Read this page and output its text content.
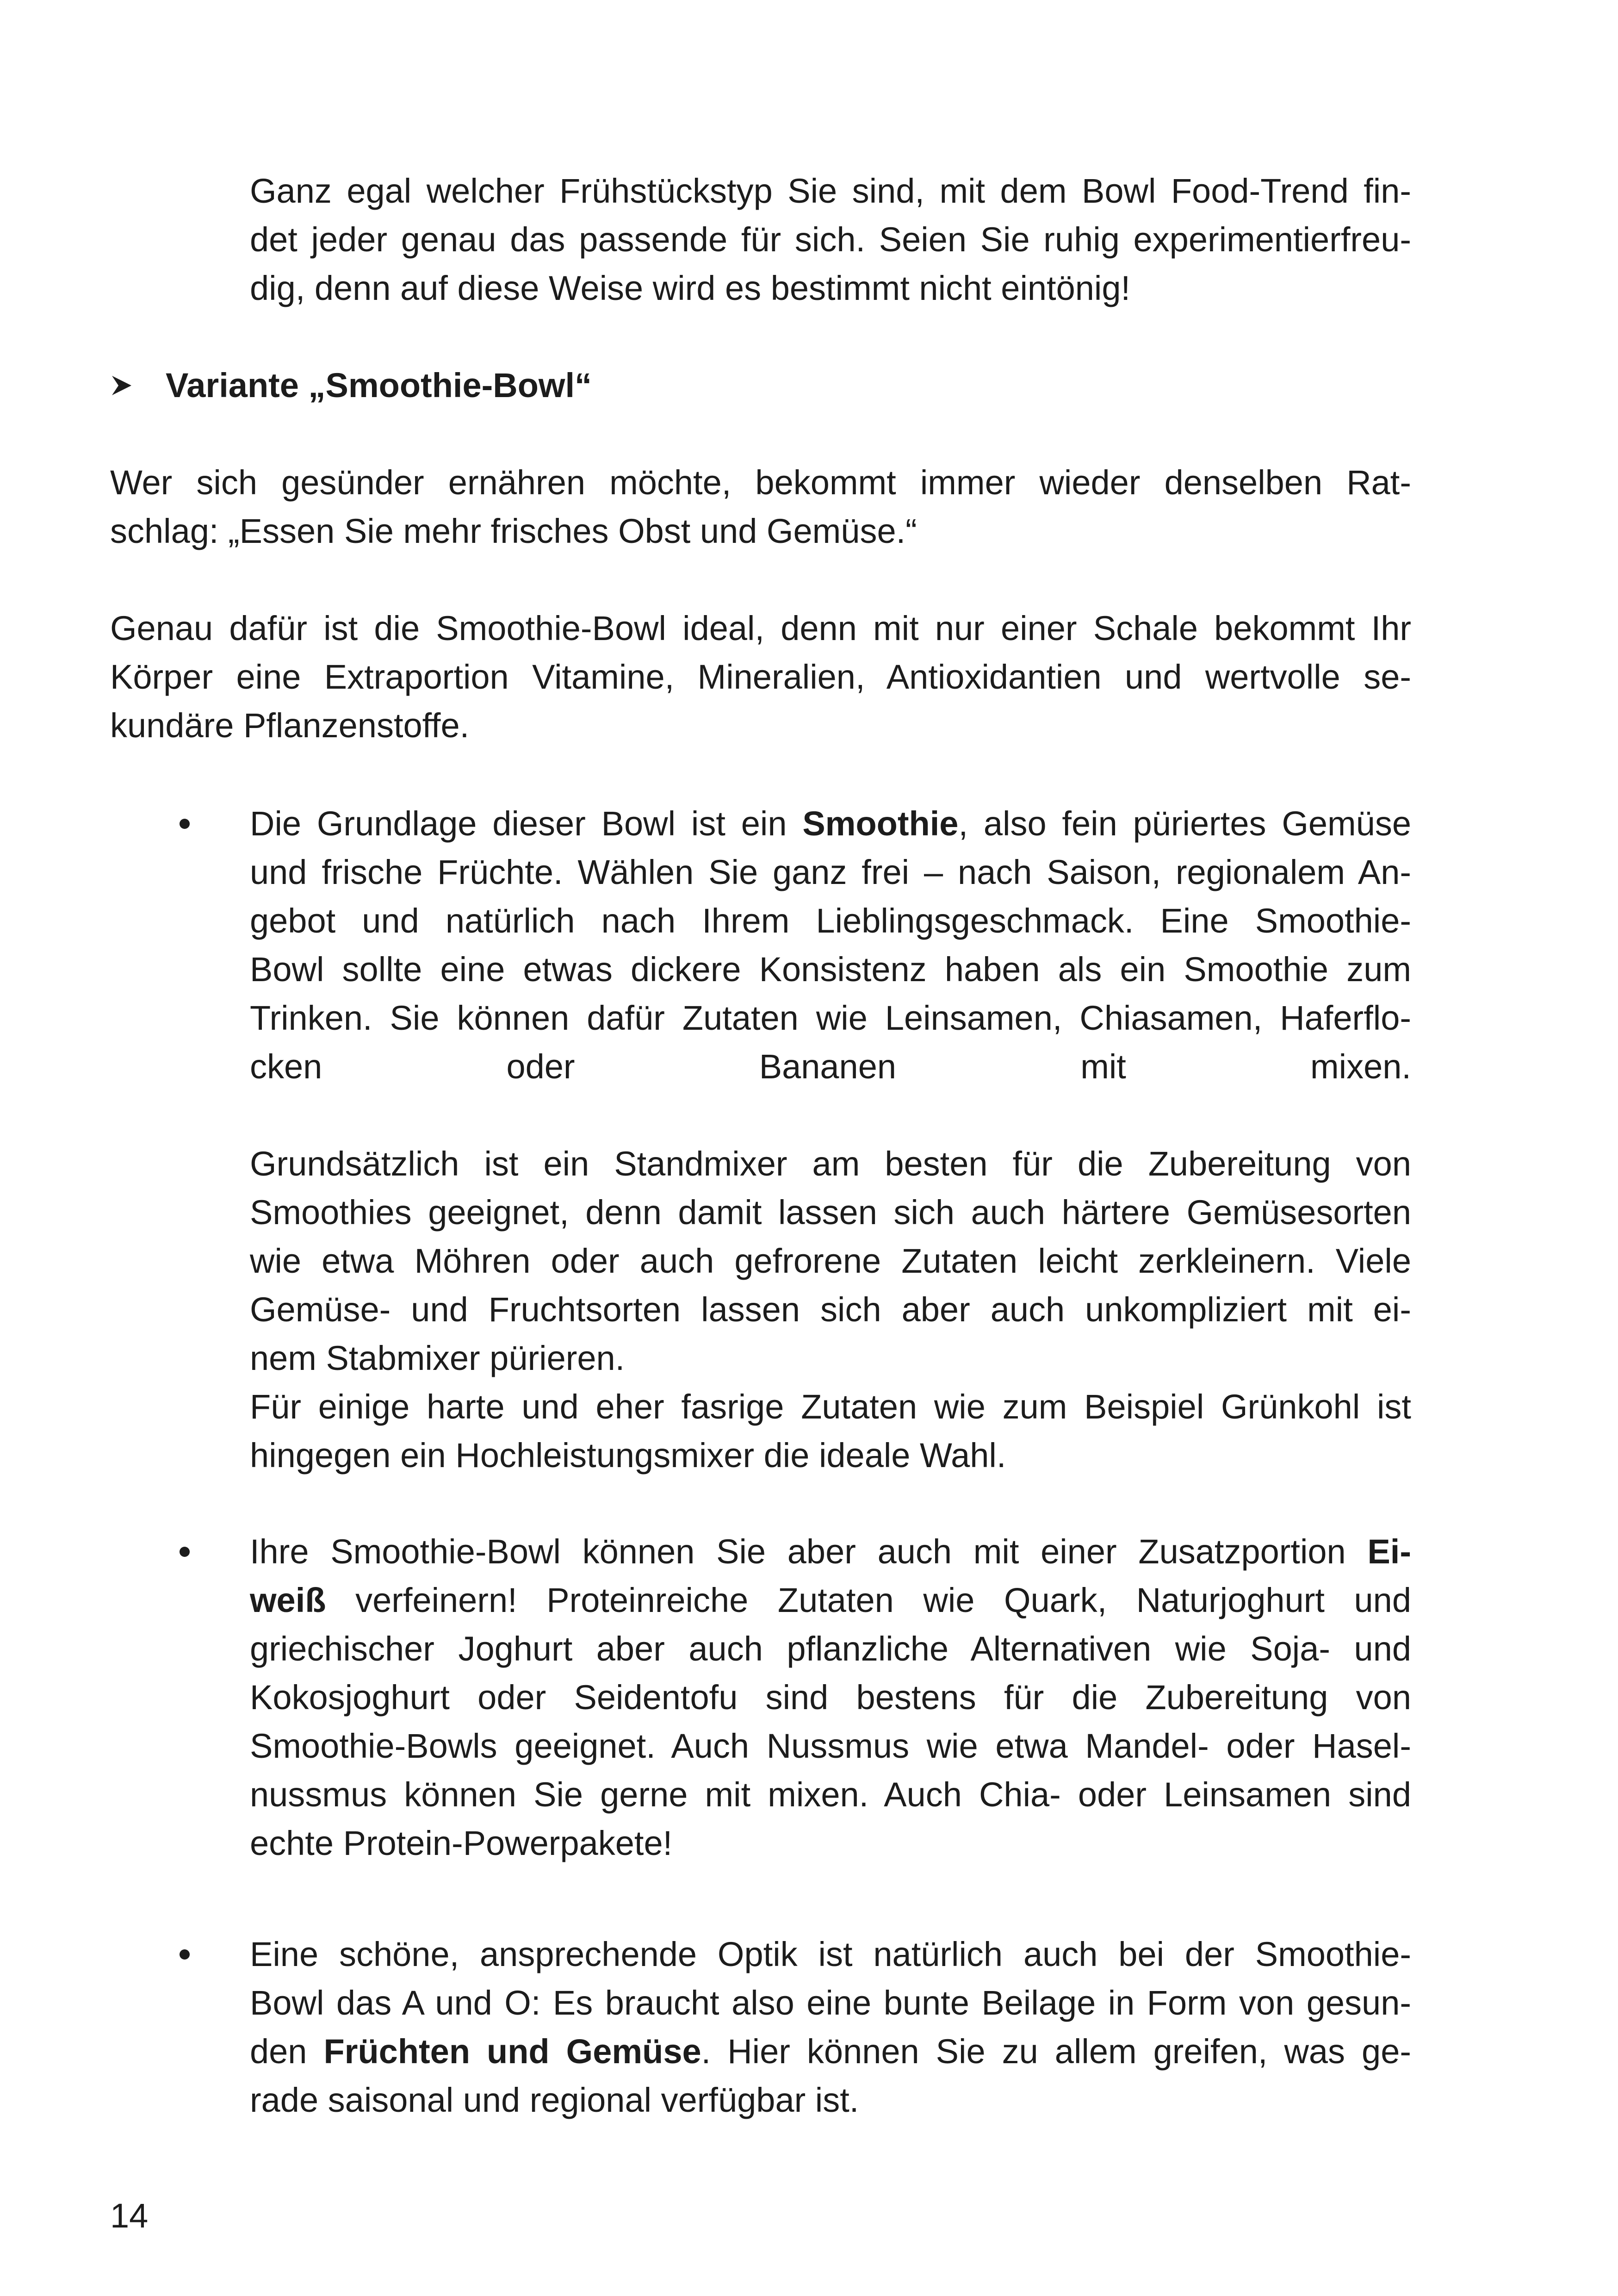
Ganz egal welcher Frühstückstyp Sie sind, mit dem Bowl Food-Trend fin-
det jeder genau das passende für sich. Seien Sie ruhig experimentierfreu-
dig, denn auf diese Weise wird es bestimmt nicht eintönig!
Variante „Smoothie-Bowl“
Wer sich gesünder ernähren möchte, bekommt immer wieder denselben Rat-
schlag: „Essen Sie mehr frisches Obst und Gemüse.“
Genau dafür ist die Smoothie-Bowl ideal, denn mit nur einer Schale bekommt Ihr
Körper eine Extraportion Vitamine, Mineralien, Antioxidantien und wertvolle se-
kundäre Pflanzenstoffe.
Die Grundlage dieser Bowl ist ein Smoothie, also fein püriertes Gemüse
und frische Früchte. Wählen Sie ganz frei – nach Saison, regionalem An-
gebot und natürlich nach Ihrem Lieblingsgeschmack. Eine Smoothie-
Bowl sollte eine etwas dickere Konsistenz haben als ein Smoothie zum
Trinken. Sie können dafür Zutaten wie Leinsamen, Chiasamen, Haferflo-
cken	oder	Bananen	mit	mixen.
Grundsätzlich ist ein Standmixer am besten für die Zubereitung von
Smoothies geeignet, denn damit lassen sich auch härtere Gemüsesorten
wie etwa Möhren oder auch gefrorene Zutaten leicht zerkleinern. Viele
Gemüse- und Fruchtsorten lassen sich aber auch unkompliziert mit ei-
nem Stabmixer pürieren.
Für einige harte und eher fasrige Zutaten wie zum Beispiel Grünkohl ist
hingegen ein Hochleistungsmixer die ideale Wahl.
Ihre Smoothie-Bowl können Sie aber auch mit einer Zusatzportion Ei-
weiß verfeinern! Proteinreiche Zutaten wie Quark, Naturjoghurt und
griechischer Joghurt aber auch pflanzliche Alternativen wie Soja- und
Kokosjoghurt oder Seidentofu sind bestens für die Zubereitung von
Smoothie-Bowls geeignet. Auch Nussmus wie etwa Mandel- oder Hasel-
nussmus können Sie gerne mit mixen. Auch Chia- oder Leinsamen sind
echte Protein-Powerpakete!
Eine schöne, ansprechende Optik ist natürlich auch bei der Smoothie-
Bowl das A und O: Es braucht also eine bunte Beilage in Form von gesun-
den Früchten und Gemüse. Hier können Sie zu allem greifen, was ge-
rade saisonal und regional verfügbar ist.
14
